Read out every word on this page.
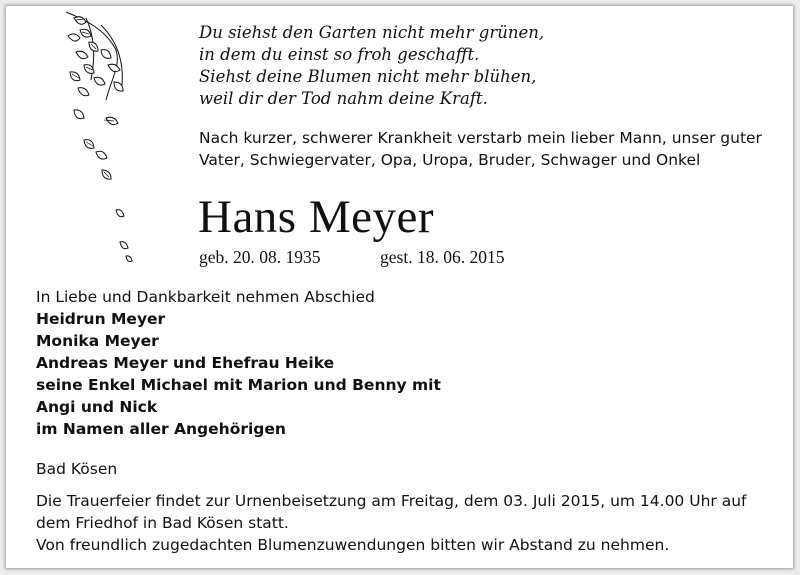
Du siehst den Garten nicht mehr grünen,
in dem du einst so froh geschafft.
Siehst deine Blumen nicht mehr blühen,
weil dir der Tod nahm deine Kraft.
Nach kurzer, schwerer Krankheit verstarb mein lieber Mann, unser guter
Vater, Schwiegervater, Opa, Uropa, Bruder, Schwager und Onkel
Hans Meyer
geb. 20. 08. 1935	gest. 18. 06. 2015
In Liebe und Dankbarkeit nehmen Abschied
Heidrun Meyer
Monika Meyer
Andreas Meyer und Ehefrau Heike
seine Enkel Michael mit Marion und Benny mit
Angi und Nick
im Namen aller Angehörigen
Bad Kösen
Die Trauerfeier findet zur Urnenbeisetzung am Freitag, dem 03. Juli 2015, um 14.00 Uhr auf
dem Friedhof in Bad Kösen statt.
Von freundlich zugedachten Blumenzuwendungen bitten wir Abstand zu nehmen.
